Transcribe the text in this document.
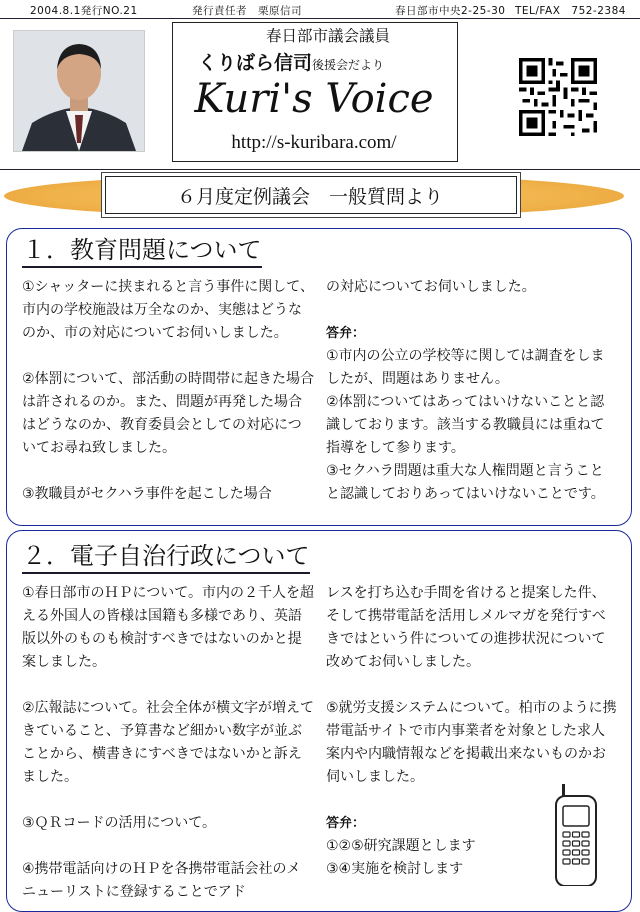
2004.8.1発行NO.21	発行責任者　栗原信司	春日部市中央2-25-30 TEL/FAX　752-2384
春日部市議会議員
くりばら信司後援会だより
Kuri's Voice
http://s-kuribara.com/
６月度定例議会　一般質問より
１．教育問題について

①シャッターに挟まれると言う事件に関して、市内の学校施設は万全なのか、実態はどうなのか、市の対応についてお伺いしました。

②体罰について、部活動の時間帯に起きた場合は許されるのか。また、問題が再発した場合はどうなのか、教育委員会としての対応についてお尋ね致しました。

③教職員がセクハラ事件を起こした場合

の対応についてお伺いしました。

答弁：

①市内の公立の学校等に関しては調査をしましたが、問題はありません。

②体罰についてはあってはいけないことと認識しております。該当する教職員には重ねて指導をして参ります。

③セクハラ問題は重大な人権問題と言うことと認識しておりあってはいけないことです。

２．電子自治行政について

①春日部市のＨＰについて。市内の２千人を超える外国人の皆様は国籍も多様であり、英語版以外のものも検討すべきではないのかと提案しました。

②広報誌について。社会全体が横文字が増えてきていること、予算書など細かい数字が並ぶことから、横書きにすべきではないかと訴えました。

③ＱＲコードの活用について。

④携帯電話向けのＨＰを各携帯電話会社のメニューリストに登録することでアド

レスを打ち込む手間を省けると提案した件、そして携帯電話を活用しメルマガを発行すべきではという件についての進捗状況について改めてお伺いしました。

⑤就労支援システムについて。柏市のように携帯電話サイトで市内事業者を対象とした求人案内や内職情報などを掲載出来ないものかお伺いしました。

答弁：

①②⑤研究課題とします

③④実施を検討します
